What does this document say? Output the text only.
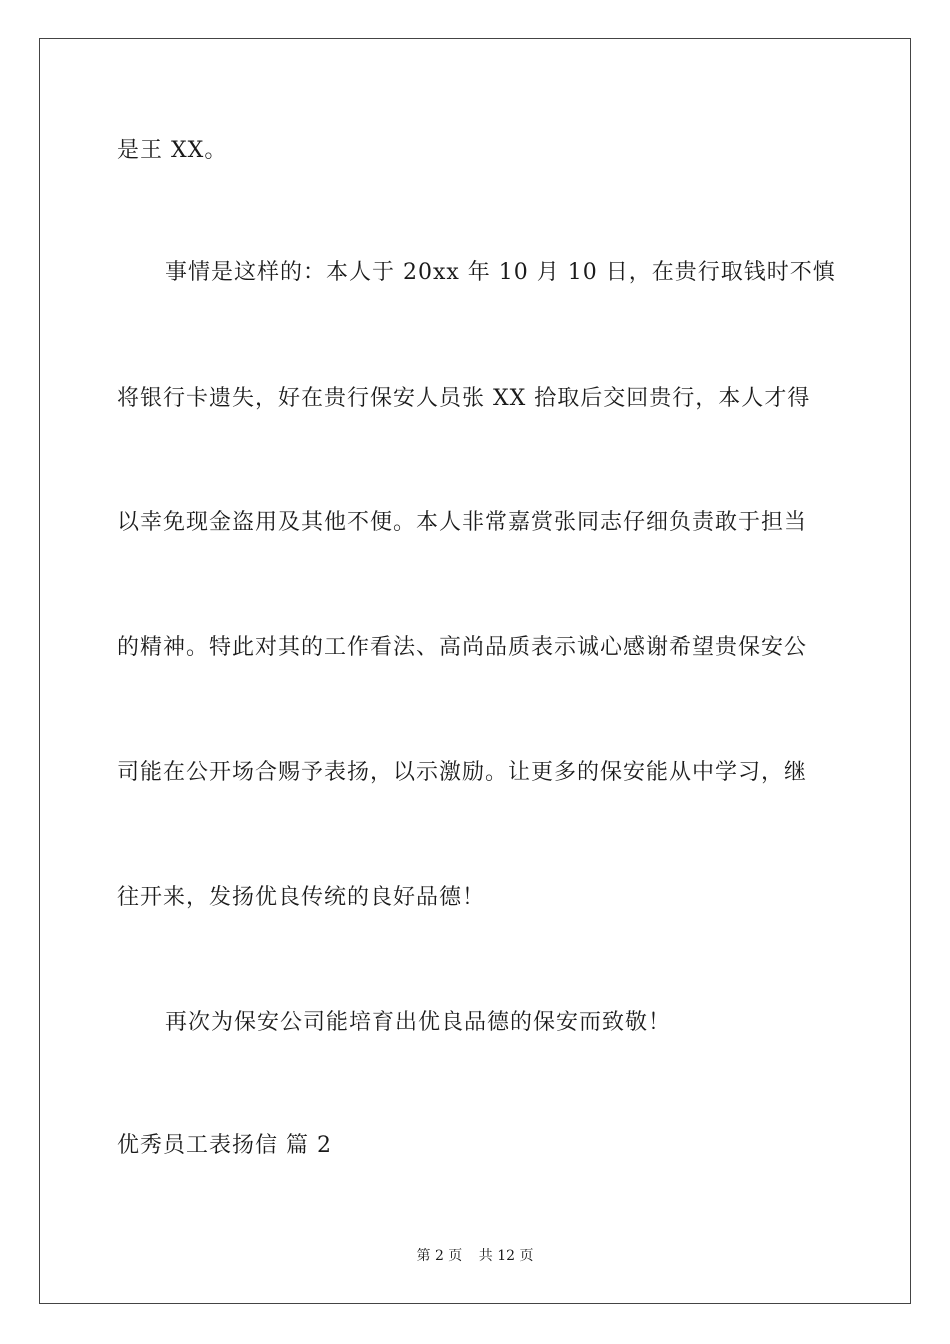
是王 XX。
事情是这样的：本人于 20xx 年 10 月 10 日，在贵行取钱时不慎
将银行卡遗失，好在贵行保安人员张 XX 拾取后交回贵行，本人才得
以幸免现金盗用及其他不便。本人非常嘉赏张同志仔细负责敢于担当
的精神。特此对其的工作看法、高尚品质表示诚心感谢希望贵保安公
司能在公开场合赐予表扬，以示激励。让更多的保安能从中学习，继
往开来，发扬优良传统的良好品德！
再次为保安公司能培育出优良品德的保安而致敬！
优秀员工表扬信 篇 2
第 2 页 共 12 页
